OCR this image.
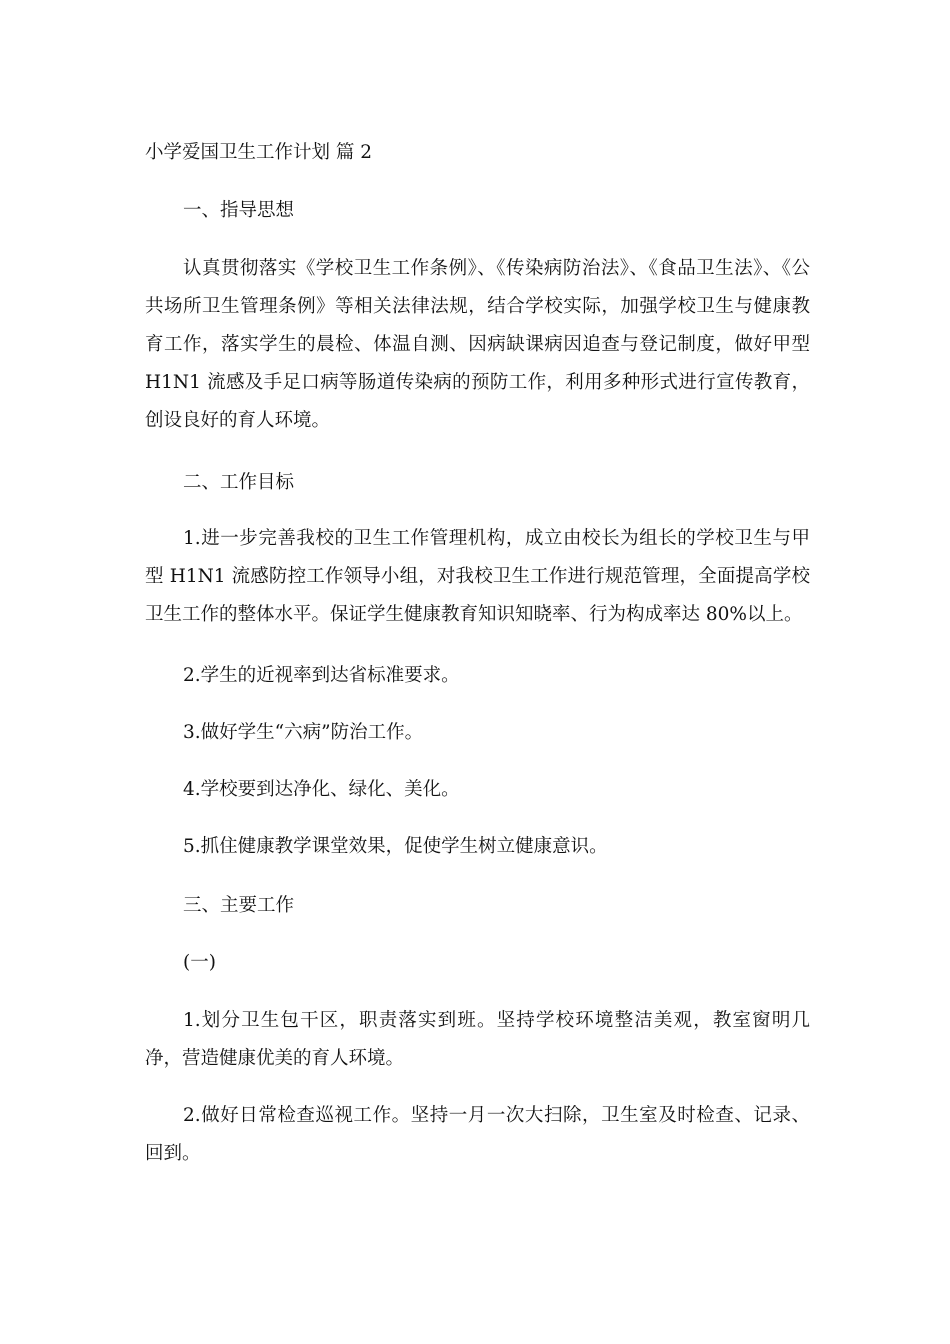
小学爱国卫生工作计划 篇 2

一、指导思想

认真贯彻落实《学校卫生工作条例》、《传染病防治法》、《食品卫生法》、《公共场所卫生管理条例》等相关法律法规，结合学校实际，加强学校卫生与健康教育工作，落实学生的晨检、体温自测、因病缺课病因追查与登记制度，做好甲型 H1N1 流感及手足口病等肠道传染病的预防工作，利用多种形式进行宣传教育，创设良好的育人环境。

二、工作目标

1.进一步完善我校的卫生工作管理机构，成立由校长为组长的学校卫生与甲型 H1N1 流感防控工作领导小组，对我校卫生工作进行规范管理，全面提高学校卫生工作的整体水平。保证学生健康教育知识知晓率、行为构成率达 80%以上。

2.学生的近视率到达省标准要求。

3.做好学生“六病”防治工作。

4.学校要到达净化、绿化、美化。

5.抓住健康教学课堂效果，促使学生树立健康意识。

三、主要工作

(一)

1.划分卫生包干区，职责落实到班。坚持学校环境整洁美观，教室窗明几净，营造健康优美的育人环境。

2.做好日常检查巡视工作。坚持一月一次大扫除，卫生室及时检查、记录、回到。
